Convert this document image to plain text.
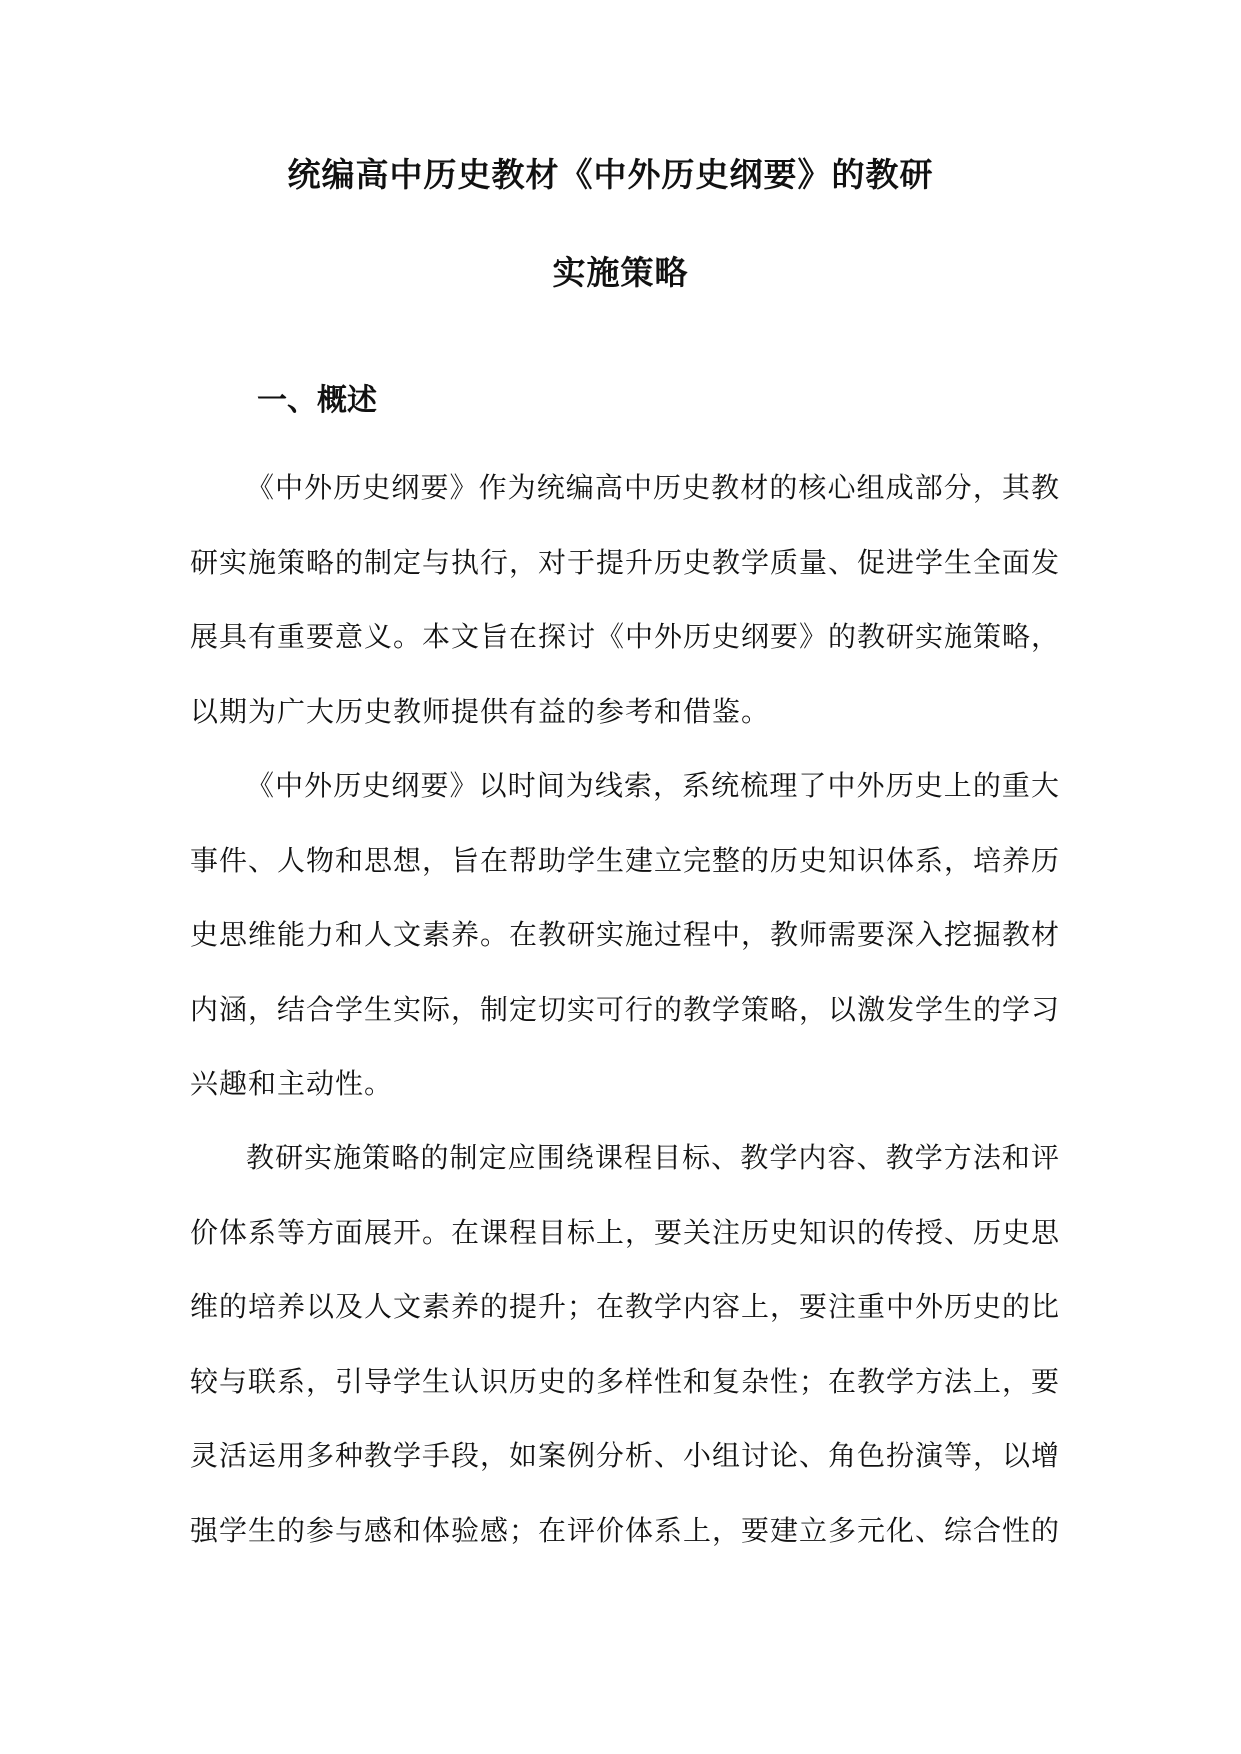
统编高中历史教材《中外历史纲要》的教研
实施策略
一、概述

《中外历史纲要》作为统编高中历史教材的核心组成部分，其教研实施策略的制定与执行，对于提升历史教学质量、促进学生全面发展具有重要意义。本文旨在探讨《中外历史纲要》的教研实施策略，以期为广大历史教师提供有益的参考和借鉴。

《中外历史纲要》以时间为线索，系统梳理了中外历史上的重大事件、人物和思想，旨在帮助学生建立完整的历史知识体系，培养历史思维能力和人文素养。在教研实施过程中，教师需要深入挖掘教材内涵，结合学生实际，制定切实可行的教学策略，以激发学生的学习兴趣和主动性。

教研实施策略的制定应围绕课程目标、教学内容、教学方法和评价体系等方面展开。在课程目标上，要关注历史知识的传授、历史思维的培养以及人文素养的提升；在教学内容上，要注重中外历史的比较与联系，引导学生认识历史的多样性和复杂性；在教学方法上，要灵活运用多种教学手段，如案例分析、小组讨论、角色扮演等，以增强学生的参与感和体验感；在评价体系上，要建立多元化、综合性的
